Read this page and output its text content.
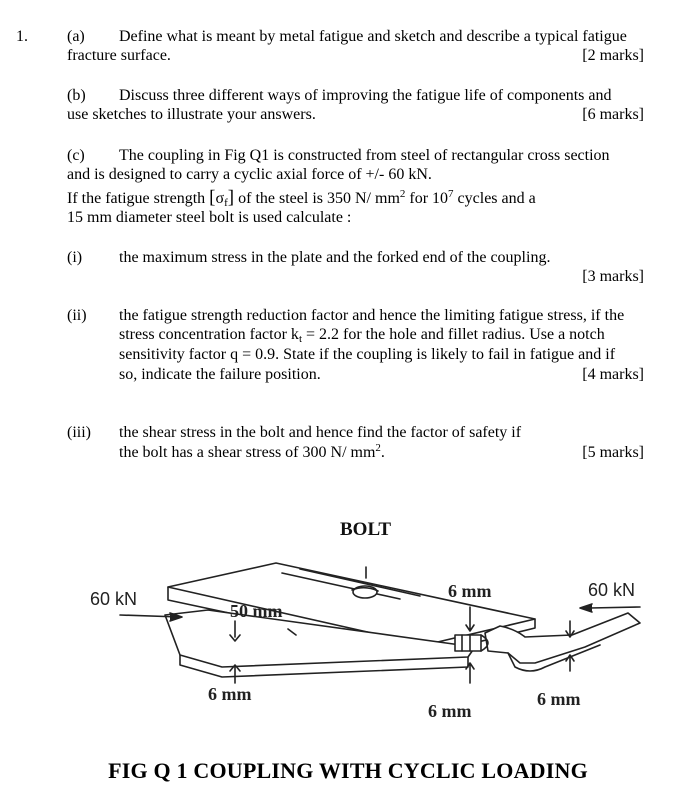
1. (a) Define what is meant by metal fatigue and sketch and describe a typical fatigue
fracture surface.	[2 marks]
(b) Discuss three different ways of improving the fatigue life of components and
use sketches to illustrate your answers.	[6 marks]
(c) The coupling in Fig Q1 is constructed from steel of rectangular cross section
and is designed to carry a cyclic axial force of +/- 60 kN.
If the fatigue strength [σf] of the steel is 350 N/ $mm^2$ for $10^7$ cycles and a
15 mm diameter steel bolt is used calculate :
(i) the maximum stress in the plate and the forked end of the coupling.
[3 marks]
(ii) the fatigue strength reduction factor and hence the limiting fatigue stress, if the
stress concentration factor kt = 2.2 for the hole and fillet radius. Use a notch
sensitivity factor q = 0.9. State if the coupling is likely to fail in fatigue and if
so, indicate the failure position.	[4 marks]
(iii) the shear stress in the bolt and hence find the factor of safety if
the bolt has a shear stress of 300 N/ $mm^2$.	[5 marks]
BOLT
60 kN	60 kN
50 mm
6 mm
6 mm
6 mm
6 mm
FIG Q 1 COUPLING WITH CYCLIC LOADING
